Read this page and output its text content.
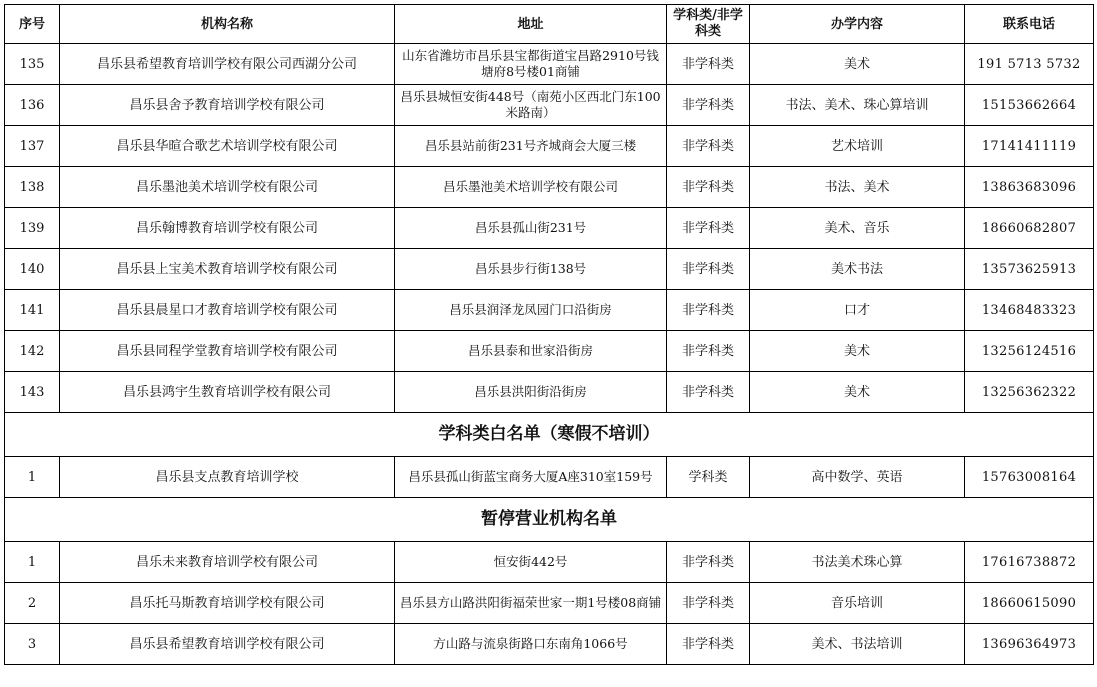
序号	机构名称	地址	学科类/非学科类	办学内容	联系电话
135	昌乐县希望教育培训学校有限公司西湖分公司	山东省潍坊市昌乐县宝都街道宝昌路2910号钱塘府8号楼01商铺	非学科类	美术	191 5713 5732
136	昌乐县舍予教育培训学校有限公司	昌乐县城恒安街448号（南苑小区西北门东100米路南）	非学科类	书法、美术、珠心算培训	15153662664
137	昌乐县华暄合歌艺术培训学校有限公司	昌乐县站前街231号齐城商会大厦三楼	非学科类	艺术培训	17141411119
138	昌乐墨池美术培训学校有限公司	昌乐墨池美术培训学校有限公司	非学科类	书法、美术	13863683096
139	昌乐翰博教育培训学校有限公司	昌乐县孤山街231号	非学科类	美术、音乐	18660682807
140	昌乐县上宝美术教育培训学校有限公司	昌乐县步行街138号	非学科类	美术书法	13573625913
141	昌乐县晨星口才教育培训学校有限公司	昌乐县润泽龙凤园门口沿街房	非学科类	口才	13468483323
142	昌乐县同程学堂教育培训学校有限公司	昌乐县泰和世家沿街房	非学科类	美术	13256124516
143	昌乐县鸿宇生教育培训学校有限公司	昌乐县洪阳街沿街房	非学科类	美术	13256362322
学科类白名单（寒假不培训）					
1	昌乐县支点教育培训学校	昌乐县孤山街蓝宝商务大厦A座310室159号	学科类	高中数学、英语	15763008164
暂停营业机构名单					
1	昌乐未来教育培训学校有限公司	恒安街442号	非学科类	书法美术珠心算	17616738872
2	昌乐托马斯教育培训学校有限公司	昌乐县方山路洪阳街福荣世家一期1号楼08商铺	非学科类	音乐培训	18660615090
3	昌乐县希望教育培训学校有限公司	方山路与流泉街路口东南角1066号	非学科类	美术、书法培训	13696364973
